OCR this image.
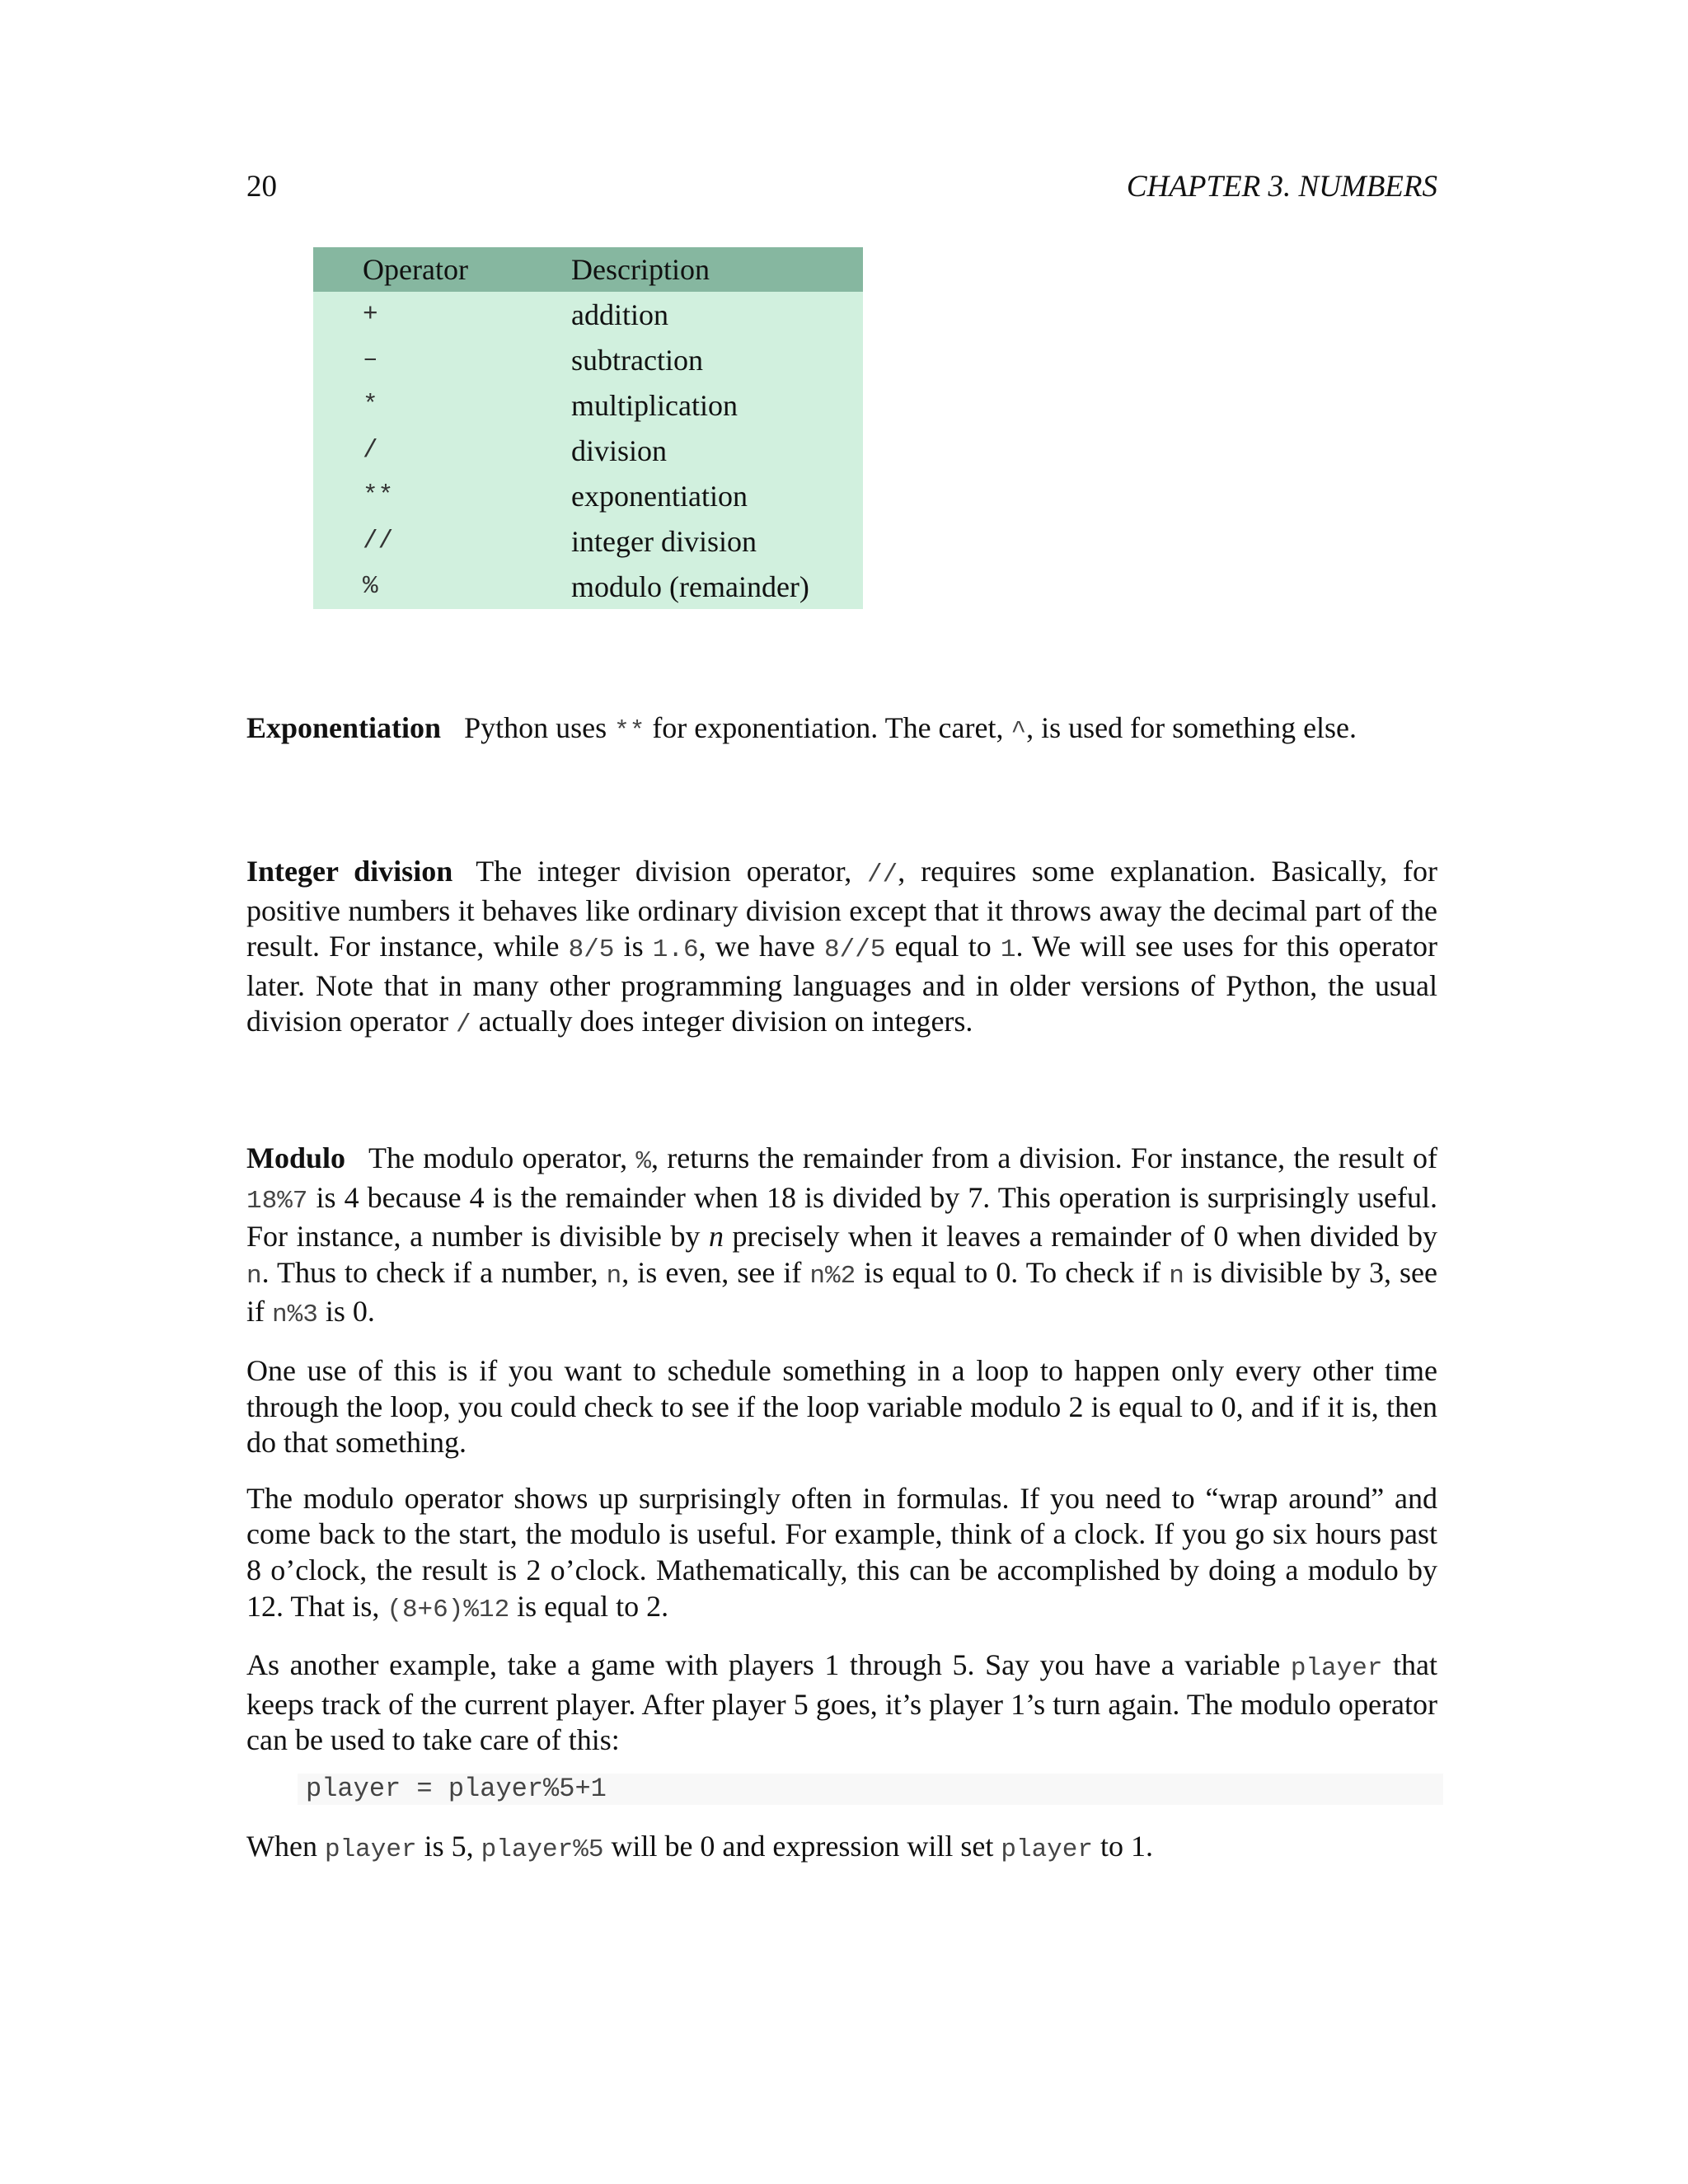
20	CHAPTER 3. NUMBERS
Operator	Description
+	addition
–	subtraction
*	multiplication
/	division
**	exponentiation
//	integer division
%	modulo (remainder)

Exponentiation Python uses ** for exponentiation. The caret, ^, is used for something else.

Integer division The integer division operator, //, requires some explanation. Basically, for positive numbers it behaves like ordinary division except that it throws away the decimal part of the result. For instance, while 8/5 is 1.6, we have 8//5 equal to 1. We will see uses for this operator later. Note that in many other programming languages and in older versions of Python, the usual division operator / actually does integer division on integers.

Modulo The modulo operator, %, returns the remainder from a division. For instance, the result of 18%7 is 4 because 4 is the remainder when 18 is divided by 7. This operation is surprisingly useful. For instance, a number is divisible by n precisely when it leaves a remainder of 0 when divided by n. Thus to check if a number, n, is even, see if n%2 is equal to 0. To check if n is divisible by 3, see if n%3 is 0.

One use of this is if you want to schedule something in a loop to happen only every other time through the loop, you could check to see if the loop variable modulo 2 is equal to 0, and if it is, then do that something.

The modulo operator shows up surprisingly often in formulas. If you need to “wrap around” and come back to the start, the modulo is useful. For example, think of a clock. If you go six hours past 8 o’clock, the result is 2 o’clock. Mathematically, this can be accomplished by doing a modulo by 12. That is, (8+6)%12 is equal to 2.

As another example, take a game with players 1 through 5. Say you have a variable player that keeps track of the current player. After player 5 goes, it’s player 1’s turn again. The modulo operator can be used to take care of this:

player = player%5+1

When player is 5, player%5 will be 0 and expression will set player to 1.
